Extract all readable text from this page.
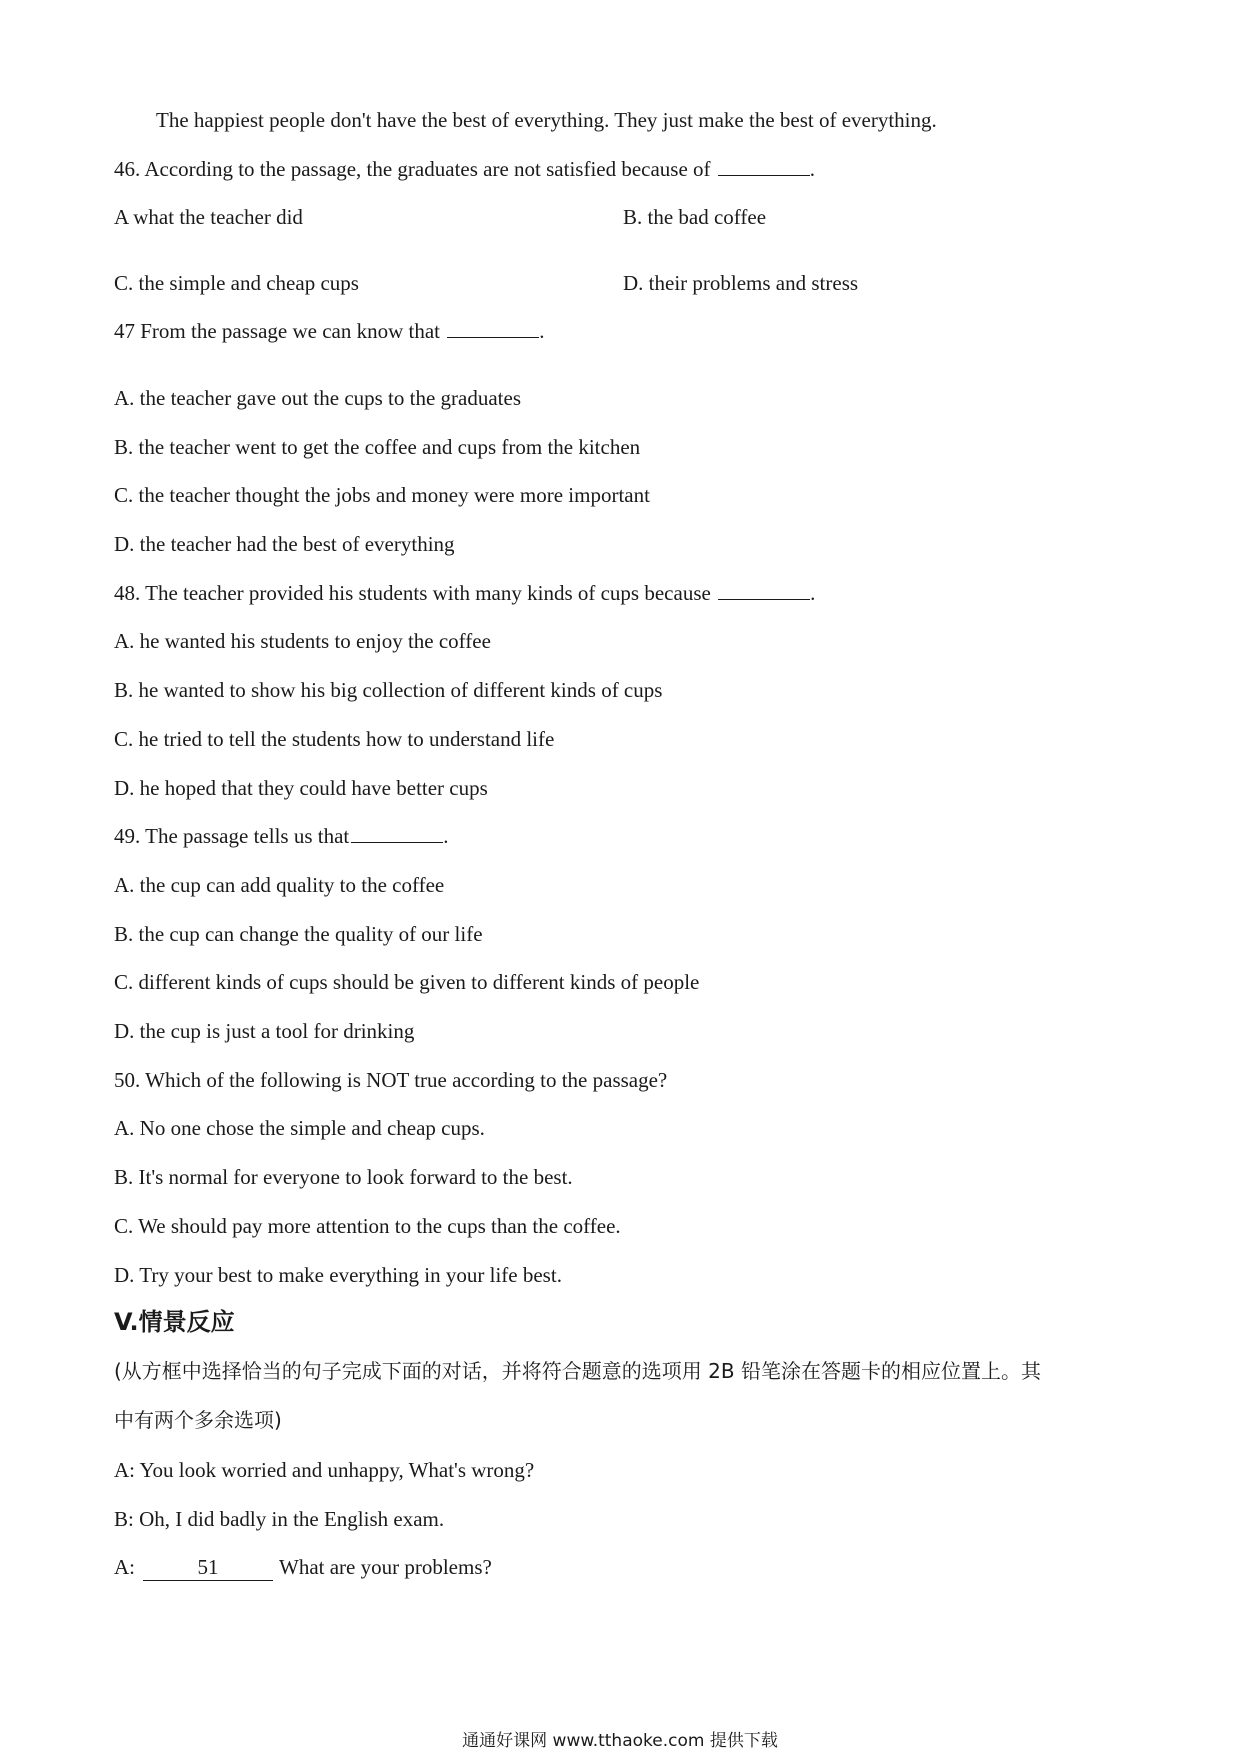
The happiest people don't have the best of everything. They just make the best of everything.
46. According to the passage, the graduates are not satisfied because of	.
A what the teacher did	B. the bad coffee
C. the simple and cheap cups	D. their problems and stress
47 From the passage we can know that	.
A. the teacher gave out the cups to the graduates
B. the teacher went to get the coffee and cups from the kitchen
C. the teacher thought the jobs and money were more important
D. the teacher had the best of everything
48. The teacher provided his students with many kinds of cups because	.
A. he wanted his students to enjoy the coffee
B. he wanted to show his big collection of different kinds of cups
C. he tried to tell the students how to understand life
D. he hoped that they could have better cups
49. The passage tells us that	.
A. the cup can add quality to the coffee
B. the cup can change the quality of our life
C. different kinds of cups should be given to different kinds of people
D. the cup is just a tool for drinking
50. Which of the following is NOT true according to the passage?
A. No one chose the simple and cheap cups.
B. It's normal for everyone to look forward to the best.
C. We should pay more attention to the cups than the coffee.
D. Try your best to make everything in your life best.
V.情景反应
(从方框中选择恰当的句子完成下面的对话，并将符合题意的选项用 2B 铅笔涂在答题卡的相应位置上。其
中有两个多余选项)
A: You look worried and unhappy, What's wrong?
B: Oh, I did badly in the English exam.
A:	51	What are your problems?
通通好课网 www.tthaoke.com 提供下载
